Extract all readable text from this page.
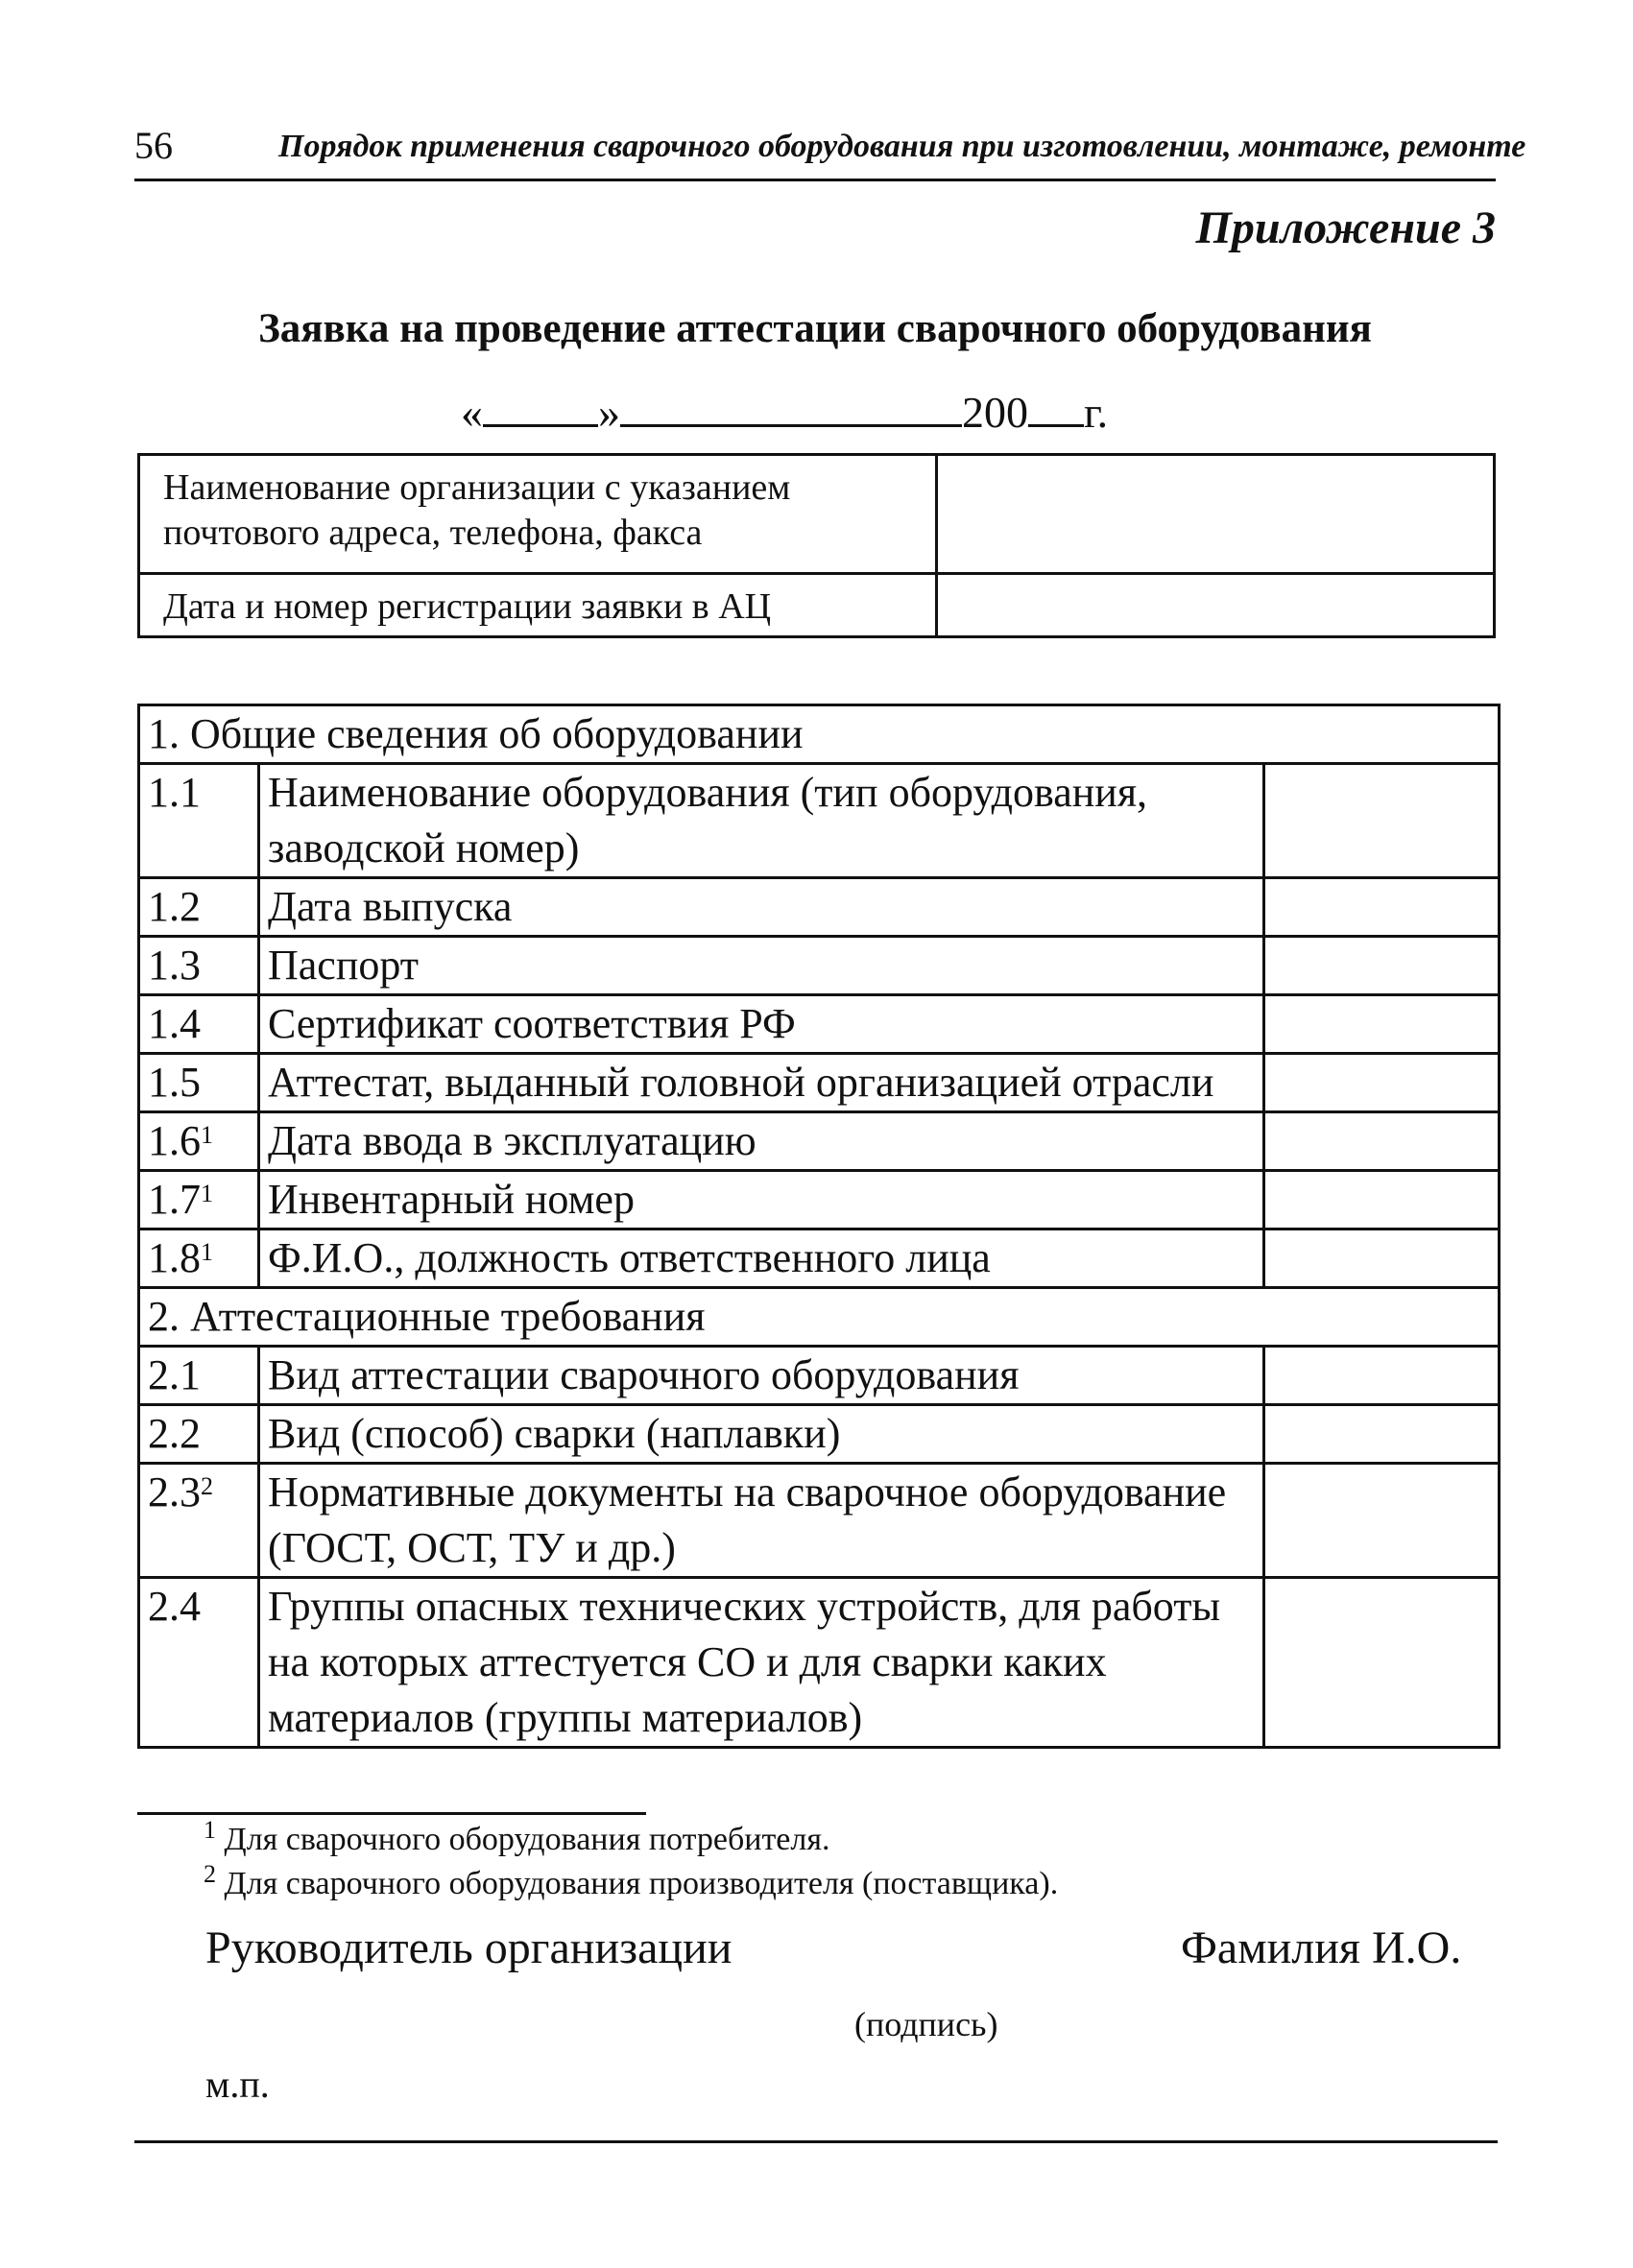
56	Порядок применения сварочного оборудования при изготовлении, монтаже, ремонте
Приложение 3
Заявка на проведение аттестации сварочного оборудования
«	»	200 г.
Наименование организации с указанием
почтового адреса, телефона, факса	

Дата и номер регистрации заявки в АЦ	

1. Общие сведения об оборудовании		
1.1	Наименование оборудования (тип оборудования, заводской номер)	
1.2	Дата выпуска	
1.3	Паспорт	
1.4	Сертификат соответствия РФ	
1.5	Аттестат, выданный головной организацией отрасли	
$1.6^1$	Дата ввода в эксплуатацию	
$1.7^1$	Инвентарный номер	
$1.8^1$	Ф.И.О., должность ответственного лица	
2. Аттестационные требования		
2.1	Вид аттестации сварочного оборудования	
2.2	Вид (способ) сварки (наплавки)	
$2.3^2$	Нормативные документы на сварочное оборудование (ГОСТ, ОСТ, ТУ и др.)	
2.4	Группы опасных технических устройств, для работы на которых аттестуется СО и для сварки каких материалов (группы материалов)	
$^1$ Для сварочного оборудования потребителя.
$^2$ Для сварочного оборудования производителя (поставщика).
Руководитель организации	Фамилия И.О.
(подпись)
м.п.
